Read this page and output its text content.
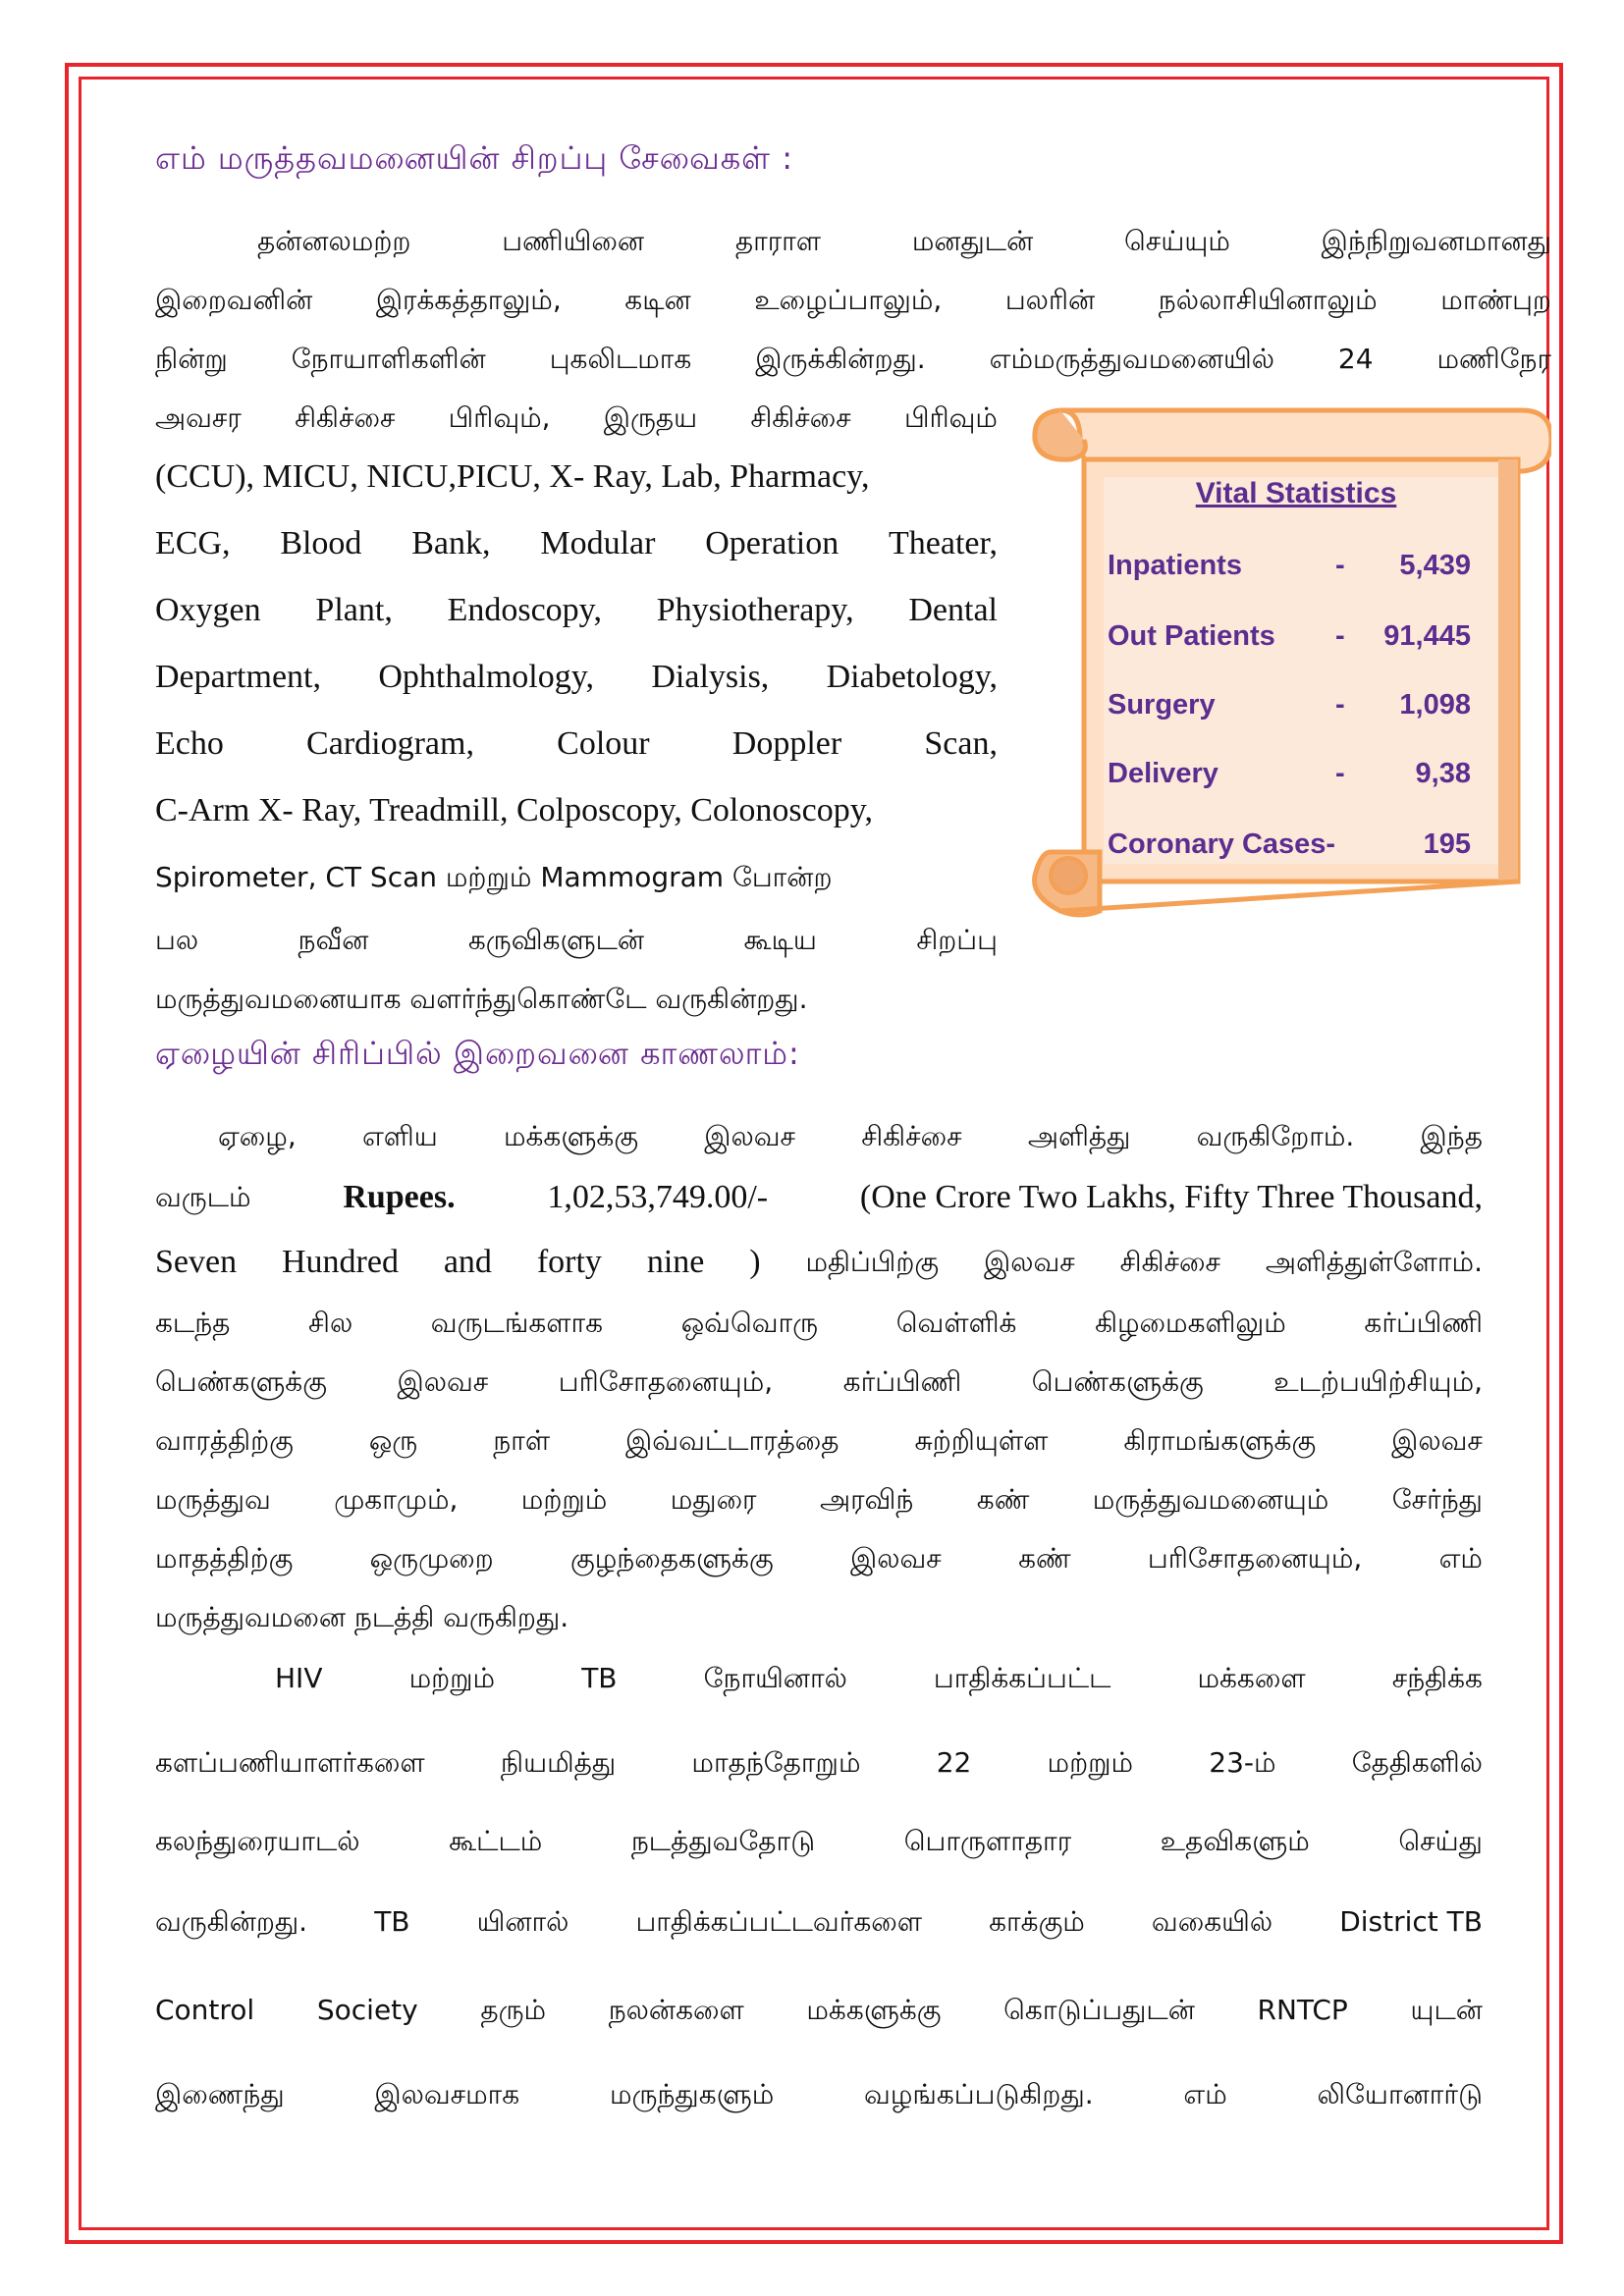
எம் மருத்தவமனையின் சிறப்பு சேவைகள் :
தன்னலமற்ற	பணியினை	தாராள	மனதுடன்	செய்யும்	இந்நிறுவனமானது
இறைவனின் இரக்கத்தாலும், கடின உழைப்பாலும், பலரின் நல்லாசியினாலும் மாண்புற
நின்று நோயாளிகளின் புகலிடமாக இருக்கின்றது. எம்மருத்துவமனையில் 24 மணிநேர
அவசர சிகிச்சை பிரிவும், இருதய சிகிச்சை பிரிவும்
(CCU), MICU, NICU,PICU, X- Ray, Lab, Pharmacy,
ECG, Blood Bank, Modular Operation Theater,
Oxygen Plant, Endoscopy, Physiotherapy, Dental
Department, Ophthalmology, Dialysis, Diabetology,
Echo Cardiogram, Colour Doppler Scan,
C-Arm X- Ray, Treadmill, Colposcopy, Colonoscopy,
Spirometer, CT Scan மற்றும் Mammogram போன்ற
பல	நவீன	கருவிகளுடன்	கூடிய	சிறப்பு
மருத்துவமனையாக வளர்ந்துகொண்டே வருகின்றது.
Vital Statistics
Inpatients	- 5,439
Out Patients - 91,445
Surgery	- 1,098
Delivery	- 9,38
Coronary Cases-	195
ஏழையின் சிரிப்பில் இறைவனை காணலாம்:
ஏழை, எளிய மக்களுக்கு இலவச சிகிச்சை அளித்து வருகிறோம். இந்த
வருடம்	Rupees.	1,02,53,749.00/-	(One Crore Two Lakhs, Fifty Three Thousand,
Seven Hundred and forty nine ) மதிப்பிற்கு இலவச சிகிச்சை அளித்துள்ளோம்.
கடந்த	சில	வருடங்களாக	ஒவ்வொரு	வெள்ளிக்	கிழமைகளிலும்	கர்ப்பிணி
பெண்களுக்கு	இலவச	பரிசோதனையும்,	கர்ப்பிணி	பெண்களுக்கு	உடற்பயிற்சியும்,
வாரத்திற்கு	ஒரு	நாள்	இவ்வட்டாரத்தை	சுற்றியுள்ள	கிராமங்களுக்கு	இலவச
மருத்துவ முகாமும், மற்றும் மதுரை அரவிந் கண் மருத்துவமனையும் சேர்ந்து
மாதத்திற்கு	ஒருமுறை	குழந்தைகளுக்கு	இலவச	கண்	பரிசோதனையும்,	எம்
மருத்துவமனை நடத்தி வருகிறது.
HIV	மற்றும்	TB	நோயினால்	பாதிக்கப்பட்ட	மக்களை	சந்திக்க
களப்பணியாளர்களை	நியமித்து	மாதந்தோறும்	22	மற்றும்	23-ம்	தேதிகளில்
கலந்துரையாடல்	கூட்டம்	நடத்துவதோடு	பொருளாதார	உதவிகளும்	செய்து
வருகின்றது. TB யினால் பாதிக்கப்பட்டவர்களை காக்கும் வகையில் District TB
Control Society தரும் நலன்களை மக்களுக்கு கொடுப்பதுடன் RNTCP யுடன்
இணைந்து	இலவசமாக	மருந்துகளும்	வழங்கப்படுகிறது.	எம்	லியோனார்டு
